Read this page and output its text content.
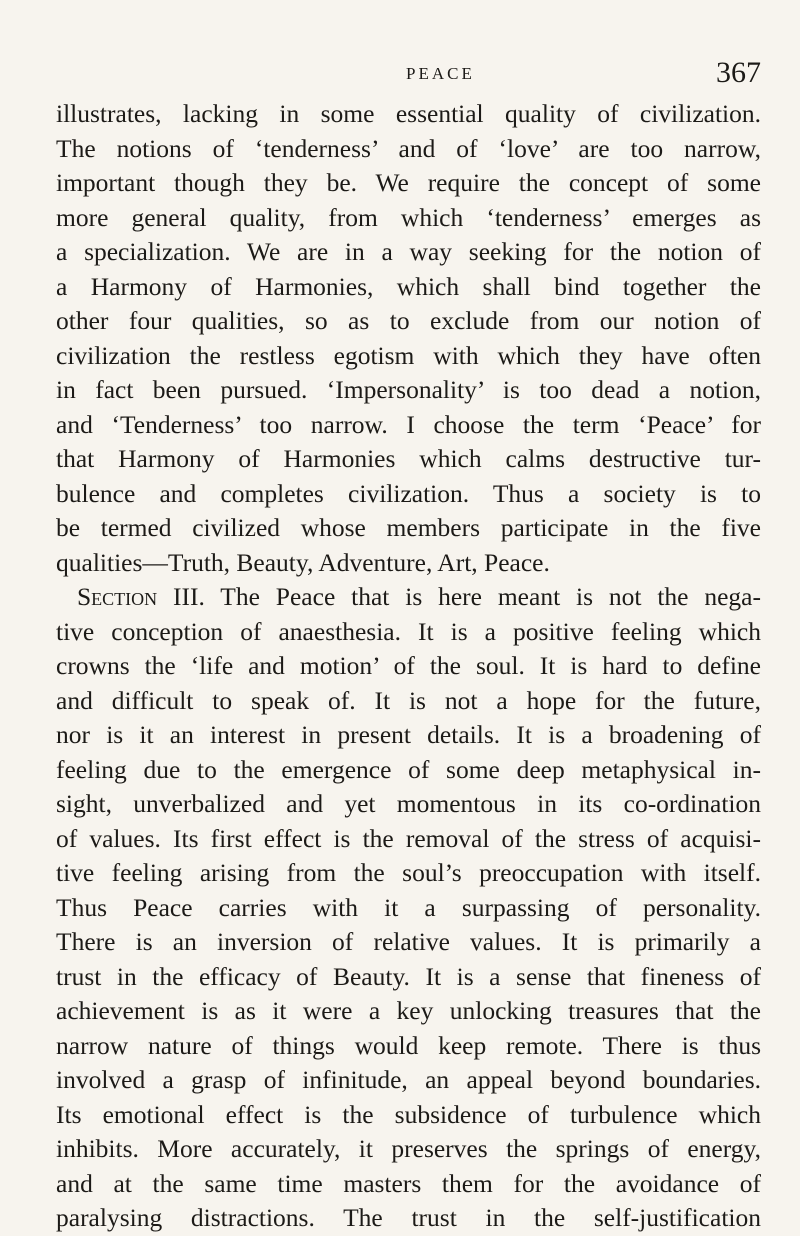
PEACE	367
illustrates, lacking in some essential quality of civilization.
The notions of ‘tenderness’ and of ‘love’ are too narrow,
important though they be. We require the concept of some
more general quality, from which ‘tenderness’ emerges as
a specialization. We are in a way seeking for the notion of
a Harmony of Harmonies, which shall bind together the
other four qualities, so as to exclude from our notion of
civilization the restless egotism with which they have often
in fact been pursued. ‘Impersonality’ is too dead a notion,
and ‘Tenderness’ too narrow. I choose the term ‘Peace’ for
that Harmony of Harmonies which calms destructive tur-
bulence and completes civilization. Thus a society is to
be termed civilized whose members participate in the five
qualities—Truth, Beauty, Adventure, Art, Peace.
Section III. The Peace that is here meant is not the nega-
tive conception of anaesthesia. It is a positive feeling which
crowns the ‘life and motion’ of the soul. It is hard to define
and difficult to speak of. It is not a hope for the future,
nor is it an interest in present details. It is a broadening of
feeling due to the emergence of some deep metaphysical in-
sight, unverbalized and yet momentous in its co-ordination
of values. Its first effect is the removal of the stress of acquisi-
tive feeling arising from the soul’s preoccupation with itself.
Thus Peace carries with it a surpassing of personality.
There is an inversion of relative values. It is primarily a
trust in the efficacy of Beauty. It is a sense that fineness of
achievement is as it were a key unlocking treasures that the
narrow nature of things would keep remote. There is thus
involved a grasp of infinitude, an appeal beyond boundaries.
Its emotional effect is the subsidence of turbulence which
inhibits. More accurately, it preserves the springs of energy,
and at the same time masters them for the avoidance of
paralysing distractions. The trust in the self-justification
